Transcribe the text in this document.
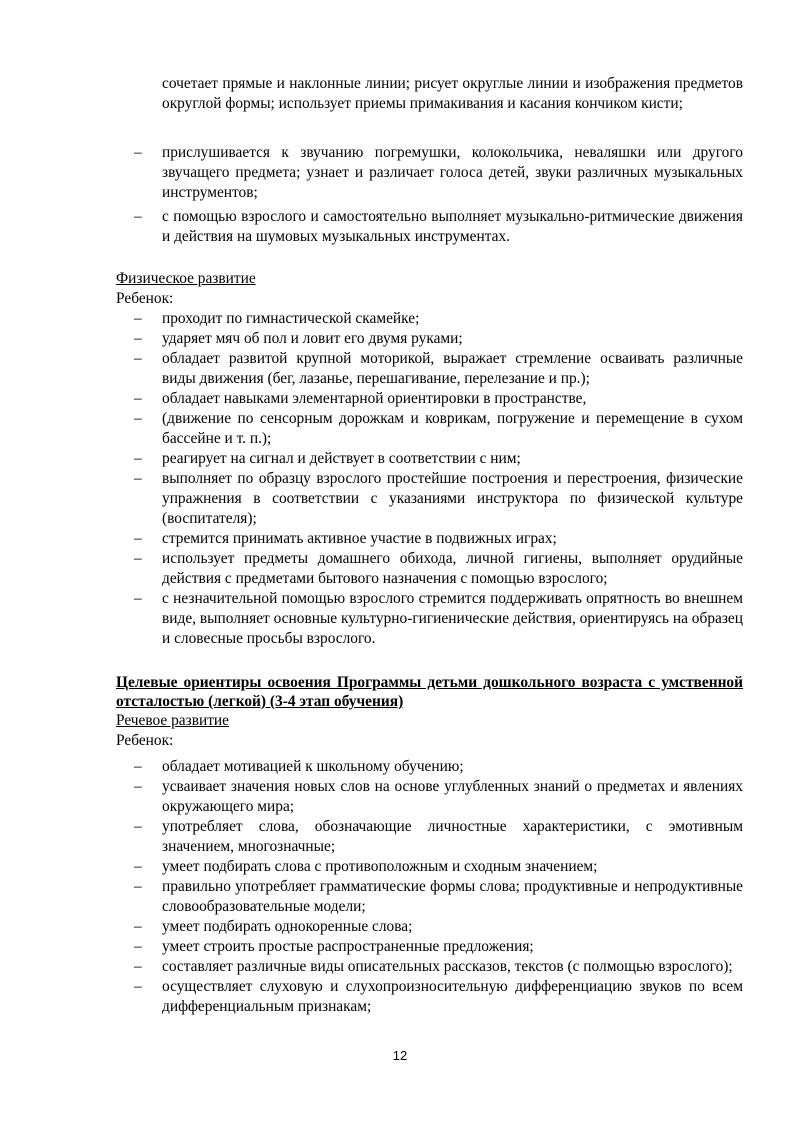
сочетает прямые и наклонные линии; рисует округлые линии и изображения предметов округлой формы; использует приемы примакивания и касания кончиком кисти;
– прислушивается к звучанию погремушки, колокольчика, неваляшки или другого звучащего предмета; узнает и различает голоса детей, звуки различных музыкальных инструментов;
– с помощью взрослого и самостоятельно выполняет музыкально-ритмические движения и действия на шумовых музыкальных инструментах.
Физическое развитие
Ребенок:
– проходит по гимнастической скамейке;
– ударяет мяч об пол и ловит его двумя руками;
– обладает развитой крупной моторикой, выражает стремление осваивать различные виды движения (бег, лазанье, перешагивание, перелезание и пр.);
– обладает навыками элементарной ориентировки в пространстве,
– (движение по сенсорным дорожкам и коврикам, погружение и перемещение в сухом бассейне и т. п.);
– реагирует на сигнал и действует в соответствии с ним;
– выполняет по образцу взрослого простейшие построения и перестроения, физические упражнения в соответствии с указаниями инструктора по физической культуре (воспитателя);
– стремится принимать активное участие в подвижных играх;
– использует предметы домашнего обихода, личной гигиены, выполняет орудийные действия с предметами бытового назначения с помощью взрослого;
– с незначительной помощью взрослого стремится поддерживать опрятность во внешнем виде, выполняет основные культурно-гигиенические действия, ориентируясь на образец и словесные просьбы взрослого.
Целевые ориентиры освоения Программы детьми дошкольного возраста с умственной отсталостью (легкой) (3-4 этап обучения)
Речевое развитие
Ребенок:
– обладает мотивацией к школьному обучению;
– усваивает значения новых слов на основе углубленных знаний о предметах и явлениях окружающего мира;
– употребляет слова, обозначающие личностные характеристики, с эмотивным значением, многозначные;
– умеет подбирать слова с противоположным и сходным значением;
– правильно употребляет грамматические формы слова; продуктивные и непродуктивные словообразовательные модели;
– умеет подбирать однокоренные слова;
– умеет строить простые распространенные предложения;
– составляет различные виды описательных рассказов, текстов (с полмощью взрослого);
– осуществляет слуховую и слухопроизносительную дифференциацию звуков по всем дифференциальным признакам;
12
